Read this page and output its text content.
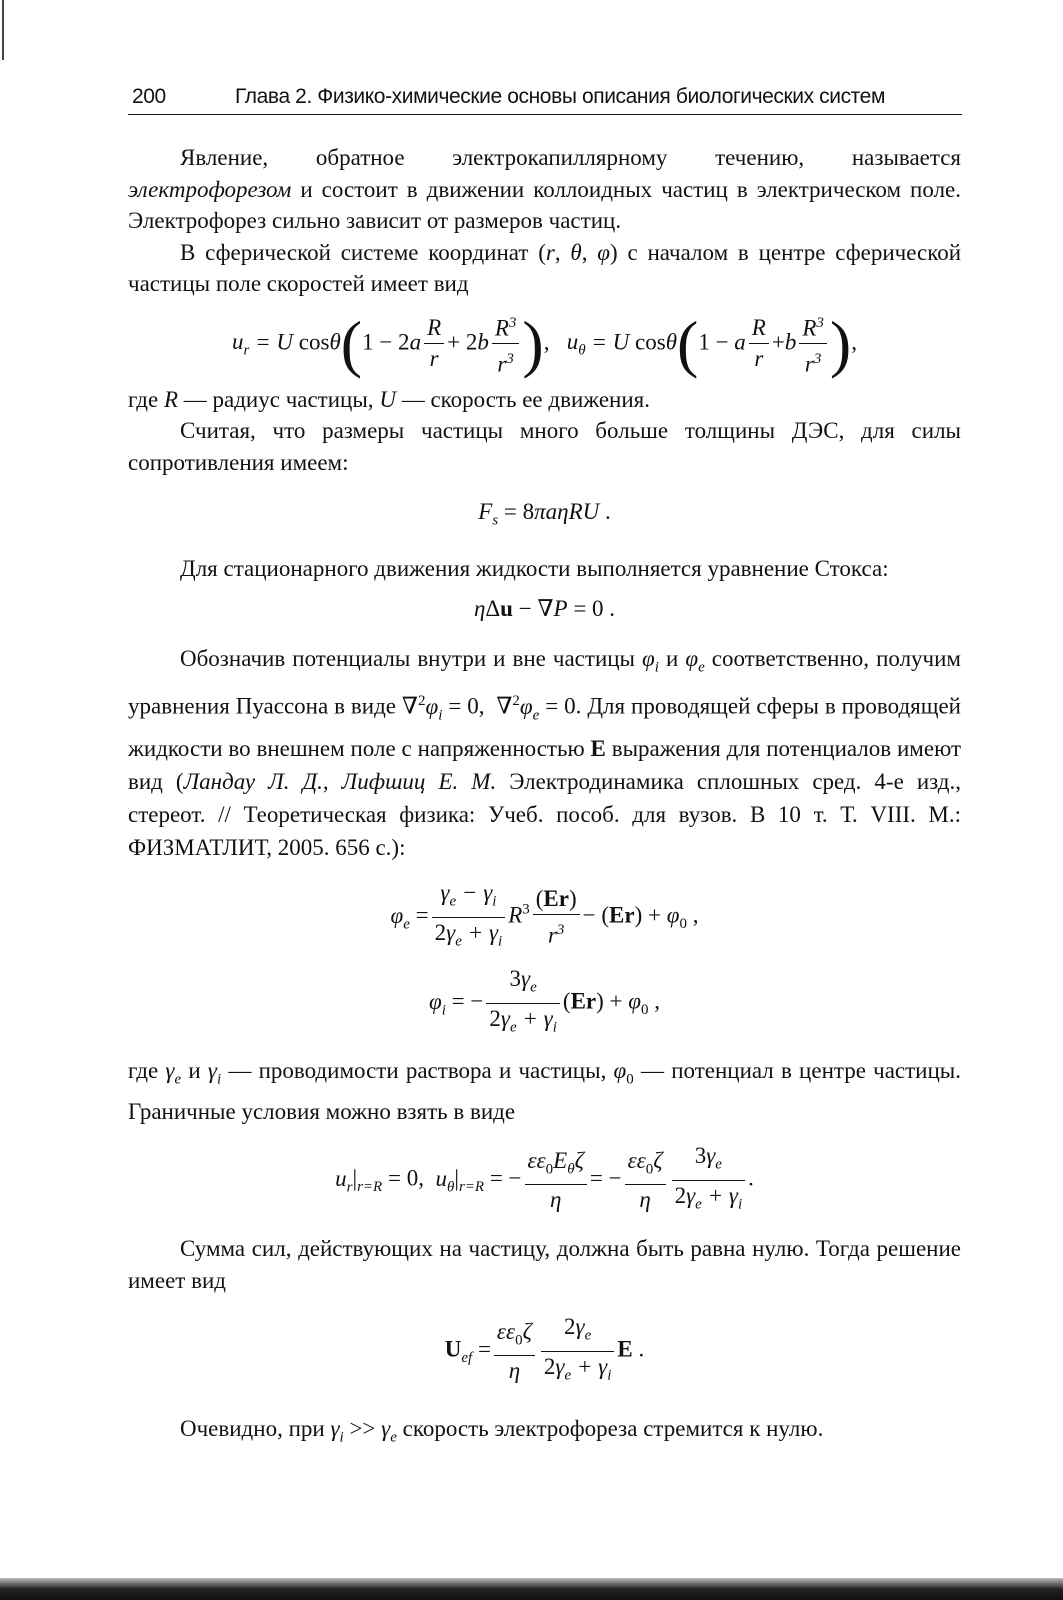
200	Глава 2. Физико-химические основы описания биологических систем

Явление, обратное электрокапиллярному течению, называется электрофорезом и состоит в движении коллоидных частиц в электрическом поле. Электрофорез сильно зависит от размеров частиц.

В сферической системе координат (r, θ, φ) с началом в центре сферической частицы поле скоростей имеет вид

$u_r = U$ $\cos\theta(1 - 2a \frac{R}{r} + 2b \frac{R^3}{r^3}$ ), $u_\theta = U$ cosθ(1 − a $\frac{R}{r} +b \frac{R^3}{r^3}$ ),

где R — радиус частицы, U — скорость ее движения.

Считая, что размеры частицы много больше толщины ДЭС, для силы сопротивления имеем:

$F_s = 8\pi a\eta RU$ .

Для стационарного движения жидкости выполняется уравнение Стокса:

ηΔu − ∇P = 0 .

Обозначив потенциалы внутри и вне частицы $\varphi_i$ и $\varphi_e$ соответственно, получим уравнения Пуассона в виде $\nabla^2\varphi_i = 0$,  $\nabla^2\varphi_e = 0$. Для проводящей сферы в проводящей жидкости во внешнем поле с напряженностью E выражения для потенциалов имеют вид (Ландау Л. Д., Лифшиц Е. М. Электродинамика сплошных сред. 4-е изд., стереот. // Теоретическая физика: Учеб. пособ. для вузов. В 10 т. Т. VIII. М.: ФИЗМАТЛИТ, 2005. 656 с.):

$\varphi_e = \frac{\gamma_e - \gamma_i}{2\gamma_e + \gamma_i} R^3 \frac{(Er)}{r^3} - (Er) + \varphi_0$ ,
$\varphi_i$ = − $\frac{3\gamma_e}{2\gamma_e + \gamma_i} (Er) + \varphi_0$ ,

где $\gamma_e$ и $\gamma_i$ — проводимости раствора и частицы, $\varphi_0$ — потенциал в центре частицы. Граничные условия можно взять в виде

$u_r|_{r=R} = 0$, $u_\theta|_{r=R}$ = − $\frac{\varepsilon\varepsilon_0E_\theta\zeta}{\eta}$ = − $\frac{\varepsilon\varepsilon_0\zeta}{\eta} \frac{3\gamma_e}{2\gamma_e + \gamma_i}$ .

Сумма сил, действующих на частицу, должна быть равна нулю. Тогда решение имеет вид

$U_{ef} = \frac{\varepsilon\varepsilon_0\zeta}{\eta} \frac{2\gamma_e}{2\gamma_e + \gamma_i}$ E .

Очевидно, при $\gamma_i >> \gamma_e$ скорость электрофореза стремится к нулю.
